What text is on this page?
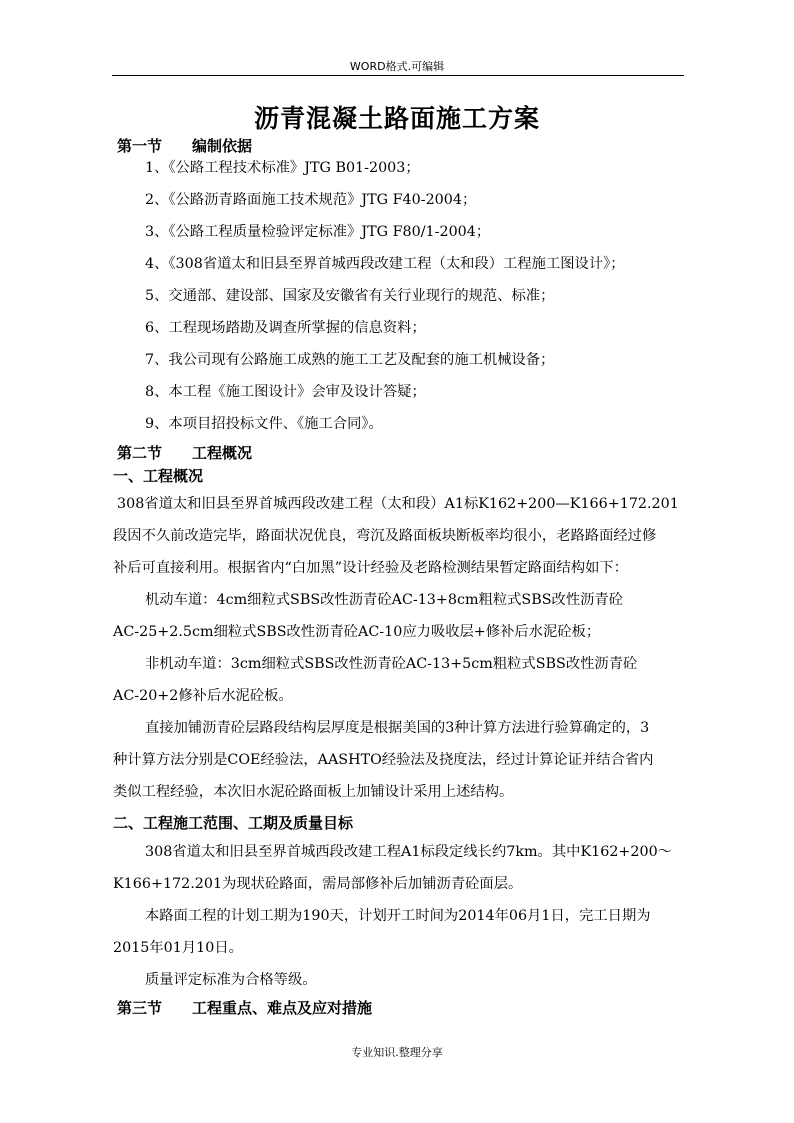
WORD格式.可编辑
沥青混凝土路面施工方案
第一节 编制依据
1、《公路工程技术标准》JTG B01-2003；
2、《公路沥青路面施工技术规范》JTG F40-2004；
3、《公路工程质量检验评定标准》JTG F80/1-2004；
4、《308省道太和旧县至界首城西段改建工程（太和段）工程施工图设计》；
5、交通部、建设部、国家及安徽省有关行业现行的规范、标准；
6、工程现场踏勘及调查所掌握的信息资料；
7、我公司现有公路施工成熟的施工工艺及配套的施工机械设备；
8、本工程《施工图设计》会审及设计答疑；
9、本项目招投标文件、《施工合同》。
第二节 工程概况
一、工程概况
308省道太和旧县至界首城西段改建工程（太和段）A1标K162+200—K166+172.201
段因不久前改造完毕，路面状况优良，弯沉及路面板块断板率均很小，老路路面经过修
补后可直接利用。根据省内“白加黑”设计经验及老路检测结果暂定路面结构如下：
机动车道：4cm细粒式SBS改性沥青砼AC-13+8cm粗粒式SBS改性沥青砼
AC-25+2.5cm细粒式SBS改性沥青砼AC-10应力吸收层+修补后水泥砼板；
非机动车道：3cm细粒式SBS改性沥青砼AC-13+5cm粗粒式SBS改性沥青砼
AC-20+2修补后水泥砼板。
直接加铺沥青砼层路段结构层厚度是根据美国的3种计算方法进行验算确定的，3
种计算方法分别是COE经验法，AASHTO经验法及挠度法，经过计算论证并结合省内
类似工程经验，本次旧水泥砼路面板上加铺设计采用上述结构。
二、工程施工范围、工期及质量目标
308省道太和旧县至界首城西段改建工程A1标段定线长约7km。其中K162+200～
K166+172.201为现状砼路面，需局部修补后加铺沥青砼面层。
本路面工程的计划工期为190天，计划开工时间为2014年06月1日，完工日期为
2015年01月10日。
质量评定标准为合格等级。
第三节 工程重点、难点及应对措施
专业知识.整理分享
